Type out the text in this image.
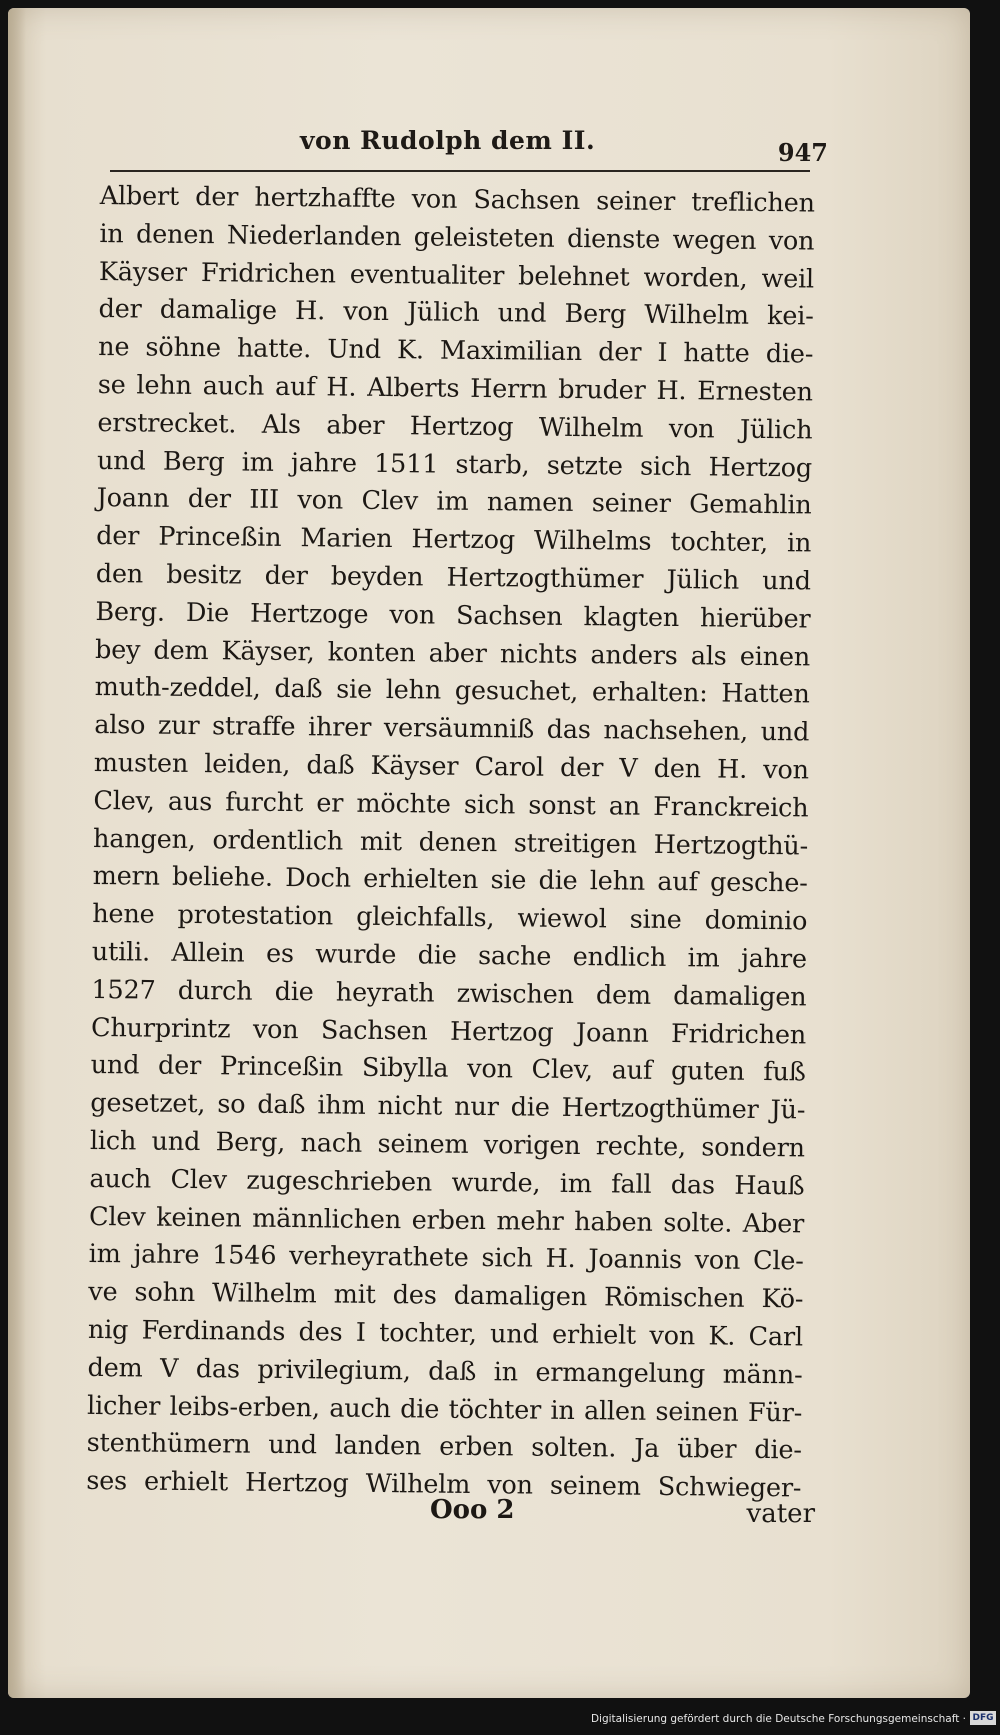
von Rudolph dem II.	947
Albert der hertzhaffte von Sachsen seiner treflichen
in denen Niederlanden geleisteten dienste wegen von
Käyser Fridrichen eventualiter belehnet worden, weil
der damalige H. von Jülich und Berg Wilhelm kei-
ne söhne hatte. Und K. Maximilian der I hatte die-
se lehn auch auf H. Alberts Herrn bruder H. Ernesten
erstrecket. Als aber Hertzog Wilhelm von Jülich
und Berg im jahre 1511 starb, setzte sich Hertzog
Joann der III von Clev im namen seiner Gemahlin
der Princeßin Marien Hertzog Wilhelms tochter, in
den besitz der beyden Hertzogthümer Jülich und
Berg. Die Hertzoge von Sachsen klagten hierüber
bey dem Käyser, konten aber nichts anders als einen
muth-zeddel, daß sie lehn gesuchet, erhalten: Hatten
also zur straffe ihrer versäumniß das nachsehen, und
musten leiden, daß Käyser Carol der V den H. von
Clev, aus furcht er möchte sich sonst an Franckreich
hangen, ordentlich mit denen streitigen Hertzogthü-
mern beliehe. Doch erhielten sie die lehn auf gesche-
hene protestation gleichfalls, wiewol sine dominio
utili. Allein es wurde die sache endlich im jahre
1527 durch die heyrath zwischen dem damaligen
Churprintz von Sachsen Hertzog Joann Fridrichen
und der Princeßin Sibylla von Clev, auf guten fuß
gesetzet, so daß ihm nicht nur die Hertzogthümer Jü-
lich und Berg, nach seinem vorigen rechte, sondern
auch Clev zugeschrieben wurde, im fall das Hauß
Clev keinen männlichen erben mehr haben solte. Aber
im jahre 1546 verheyrathete sich H. Joannis von Cle-
ve sohn Wilhelm mit des damaligen Römischen Kö-
nig Ferdinands des I tochter, und erhielt von K. Carl
dem V das privilegium, daß in ermangelung männ-
licher leibs-erben, auch die töchter in allen seinen Für-
stenthümern und landen erben solten. Ja über die-
ses erhielt Hertzog Wilhelm von seinem Schwieger-
Ooo 2	vater
Digitalisierung gefördert durch die Deutsche Forschungsgemeinschaft · DFG
